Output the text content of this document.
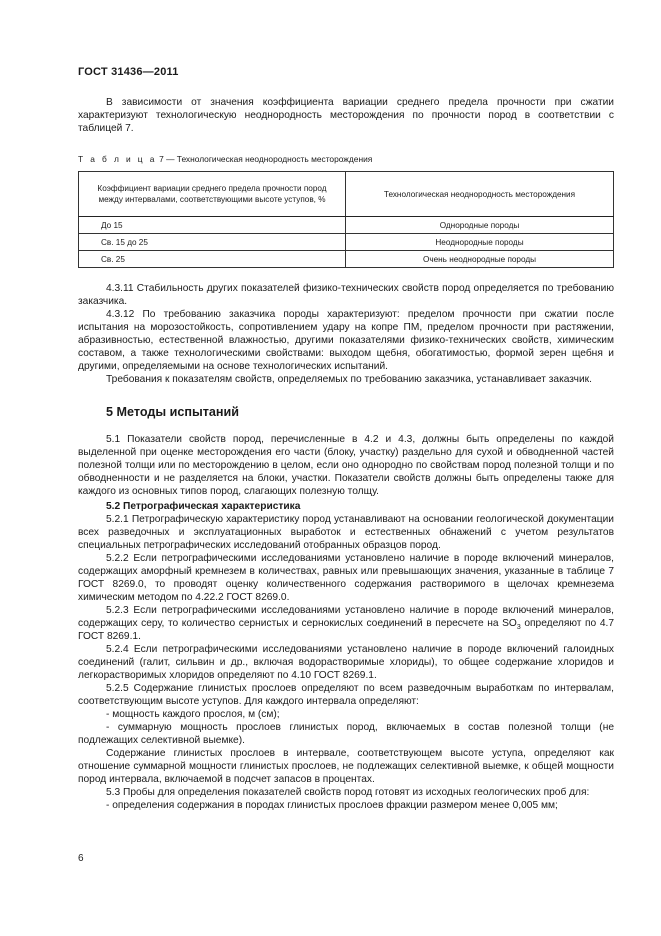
ГОСТ 31436—2011

В зависимости от значения коэффициента вариации среднего предела прочности при сжатии характеризуют технологическую неоднородность месторождения по прочности пород в соответствии с таблицей 7.

Т а б л и ц а 7 — Технологическая неоднородность месторождения
Коэффициент вариации среднего предела прочности пород между интервалами, соответствующими высоте уступов, %	Технологическая неоднородность месторождения
До 15	Однородные породы
Св. 15 до 25	Неоднородные породы
Св. 25	Очень неоднородные породы

4.3.11 Стабильность других показателей физико-технических свойств пород определяется по требованию заказчика.

4.3.12 По требованию заказчика породы характеризуют: пределом прочности при сжатии после испытания на морозостойкость, сопротивлением удару на копре ПМ, пределом прочности при растяжении, абразивностью, естественной влажностью, другими показателями физико-технических свойств, химическим составом, а также технологическими свойствами: выходом щебня, обогатимостью, формой зерен щебня и другими, определяемыми на основе технологических испытаний.

Требования к показателям свойств, определяемых по требованию заказчика, устанавливает заказчик.

5 Методы испытаний

5.1 Показатели свойств пород, перечисленные в 4.2 и 4.3, должны быть определены по каждой выделенной при оценке месторождения его части (блоку, участку) раздельно для сухой и обводненной частей полезной толщи или по месторождению в целом, если оно однородно по свойствам пород полезной толщи и по обводненности и не разделяется на блоки, участки. Показатели свойств должны быть определены также для каждого из основных типов пород, слагающих полезную толщу.

5.2 Петрографическая характеристика

5.2.1 Петрографическую характеристику пород устанавливают на основании геологической документации всех разведочных и эксплуатационных выработок и естественных обнажений с учетом результатов специальных петрографических исследований отобранных образцов пород.

5.2.2 Если петрографическими исследованиями установлено наличие в породе включений минералов, содержащих аморфный кремнезем в количествах, равных или превышающих значения, указанные в таблице 7 ГОСТ 8269.0, то проводят оценку количественного содержания растворимого в щелочах кремнезема химическим методом по 4.22.2 ГОСТ 8269.0.

5.2.3 Если петрографическими исследованиями установлено наличие в породе включений минералов, содержащих серу, то количество сернистых и сернокислых соединений в пересчете на $SO_3$ определяют по 4.7 ГОСТ 8269.1.

5.2.4 Если петрографическими исследованиями установлено наличие в породе включений галоидных соединений (галит, сильвин и др., включая водорастворимые хлориды), то общее содержание хлоридов и легкорастворимых хлоридов определяют по 4.10 ГОСТ 8269.1.

5.2.5 Содержание глинистых прослоев определяют по всем разведочным выработкам по интервалам, соответствующим высоте уступов. Для каждого интервала определяют:

- мощность каждого прослоя, м (см);

- суммарную мощность прослоев глинистых пород, включаемых в состав полезной толщи (не подлежащих селективной выемке).

Содержание глинистых прослоев в интервале, соответствующем высоте уступа, определяют как отношение суммарной мощности глинистых прослоев, не подлежащих селективной выемке, к общей мощности пород интервала, включаемой в подсчет запасов в процентах.

5.3 Пробы для определения показателей свойств пород готовят из исходных геологических проб для:

- определения содержания в породах глинистых прослоев фракции размером менее 0,005 мм;

6
